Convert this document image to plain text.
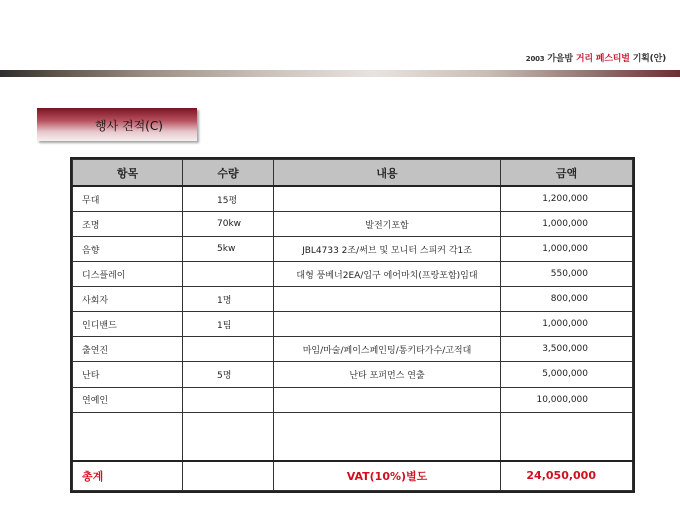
2003 가을밤 거리 페스티벌 기획(안)
행사 견적(C)
항목	수량	내용	금액
무대	15평		1,200,000
조명	70kw	발전기포함	1,000,000
음향	5kw	JBL4733 2조/써브 및 모니터 스피커 각1조	1,000,000
디스플레이		대형 풍베너2EA/입구 에어마치(프랑포함)임대	550,000
사회자	1명		800,000
인디밴드	1팀		1,000,000
출연진		마임/마술/페이스페인팅/통키타가수/고적대	3,500,000
난타	5명	난타 포퍼먼스 연출	5,000,000
연예인			10,000,000

총계		VAT(10%)별도	24,050,000
